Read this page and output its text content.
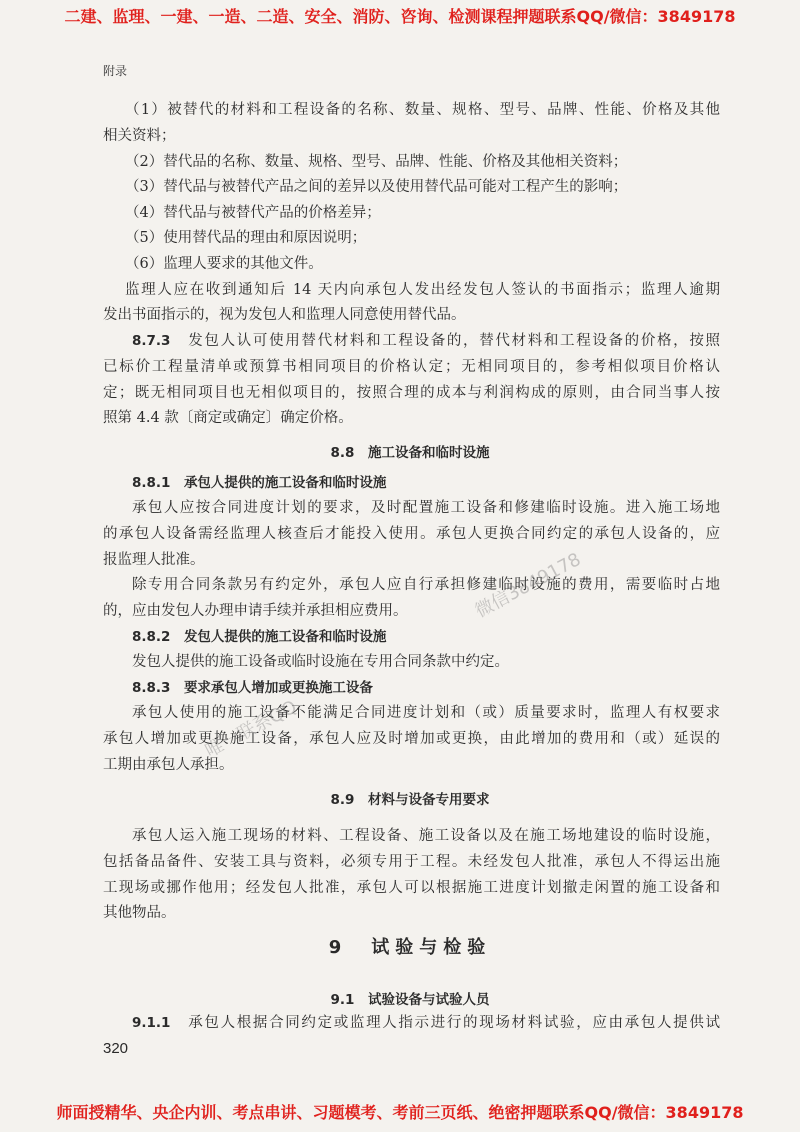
二建、监理、一建、一造、二造、安全、消防、咨询、检测课程押题联系QQ/微信：3849178
附录
（1）被替代的材料和工程设备的名称、数量、规格、型号、品牌、性能、价格及其他
相关资料；
（2）替代品的名称、数量、规格、型号、品牌、性能、价格及其他相关资料；
（3）替代品与被替代产品之间的差异以及使用替代品可能对工程产生的影响；
（4）替代品与被替代产品的价格差异；
（5）使用替代品的理由和原因说明；
（6）监理人要求的其他文件。
监理人应在收到通知后 14 天内向承包人发出经发包人签认的书面指示；监理人逾期
发出书面指示的，视为发包人和监理人同意使用替代品。
8.7.3　 发包人认可使用替代材料和工程设备的，替代材料和工程设备的价格，按照
已标价工程量清单或预算书相同项目的价格认定；无相同项目的，参考相似项目价格认
定；既无相同项目也无相似项目的，按照合理的成本与利润构成的原则，由合同当事人按
照第 4.4 款〔商定或确定〕确定价格。
8.8　施工设备和临时设施
8.8.1　 承包人提供的施工设备和临时设施
承包人应按合同进度计划的要求，及时配置施工设备和修建临时设施。进入施工场地
的承包人设备需经监理人核查后才能投入使用。承包人更换合同约定的承包人设备的，应
报监理人批准。
除专用合同条款另有约定外，承包人应自行承担修建临时设施的费用，需要临时占地
的，应由发包人办理申请手续并承担相应费用。
8.8.2　 发包人提供的施工设备和临时设施
发包人提供的施工设备或临时设施在专用合同条款中约定。
8.8.3　 要求承包人增加或更换施工设备
承包人使用的施工设备不能满足合同进度计划和（或）质量要求时，监理人有权要求
承包人增加或更换施工设备，承包人应及时增加或更换，由此增加的费用和（或）延误的
工期由承包人承担。
8.9　材料与设备专用要求
承包人运入施工现场的材料、工程设备、施工设备以及在施工场地建设的临时设施，
包括备品备件、安装工具与资料，必须专用于工程。未经发包人批准，承包人不得运出施
工现场或挪作他用；经发包人批准，承包人可以根据施工进度计划撤走闲置的施工设备和
其他物品。
9　试验与检验
9.1　试验设备与试验人员
9.1.1　 承包人根据合同约定或监理人指示进行的现场材料试验，应由承包人提供试
320
微信3849178
唯一联系QQ
师面授精华、央企内训、考点串讲、习题模考、考前三页纸、绝密押题联系QQ/微信：3849178
